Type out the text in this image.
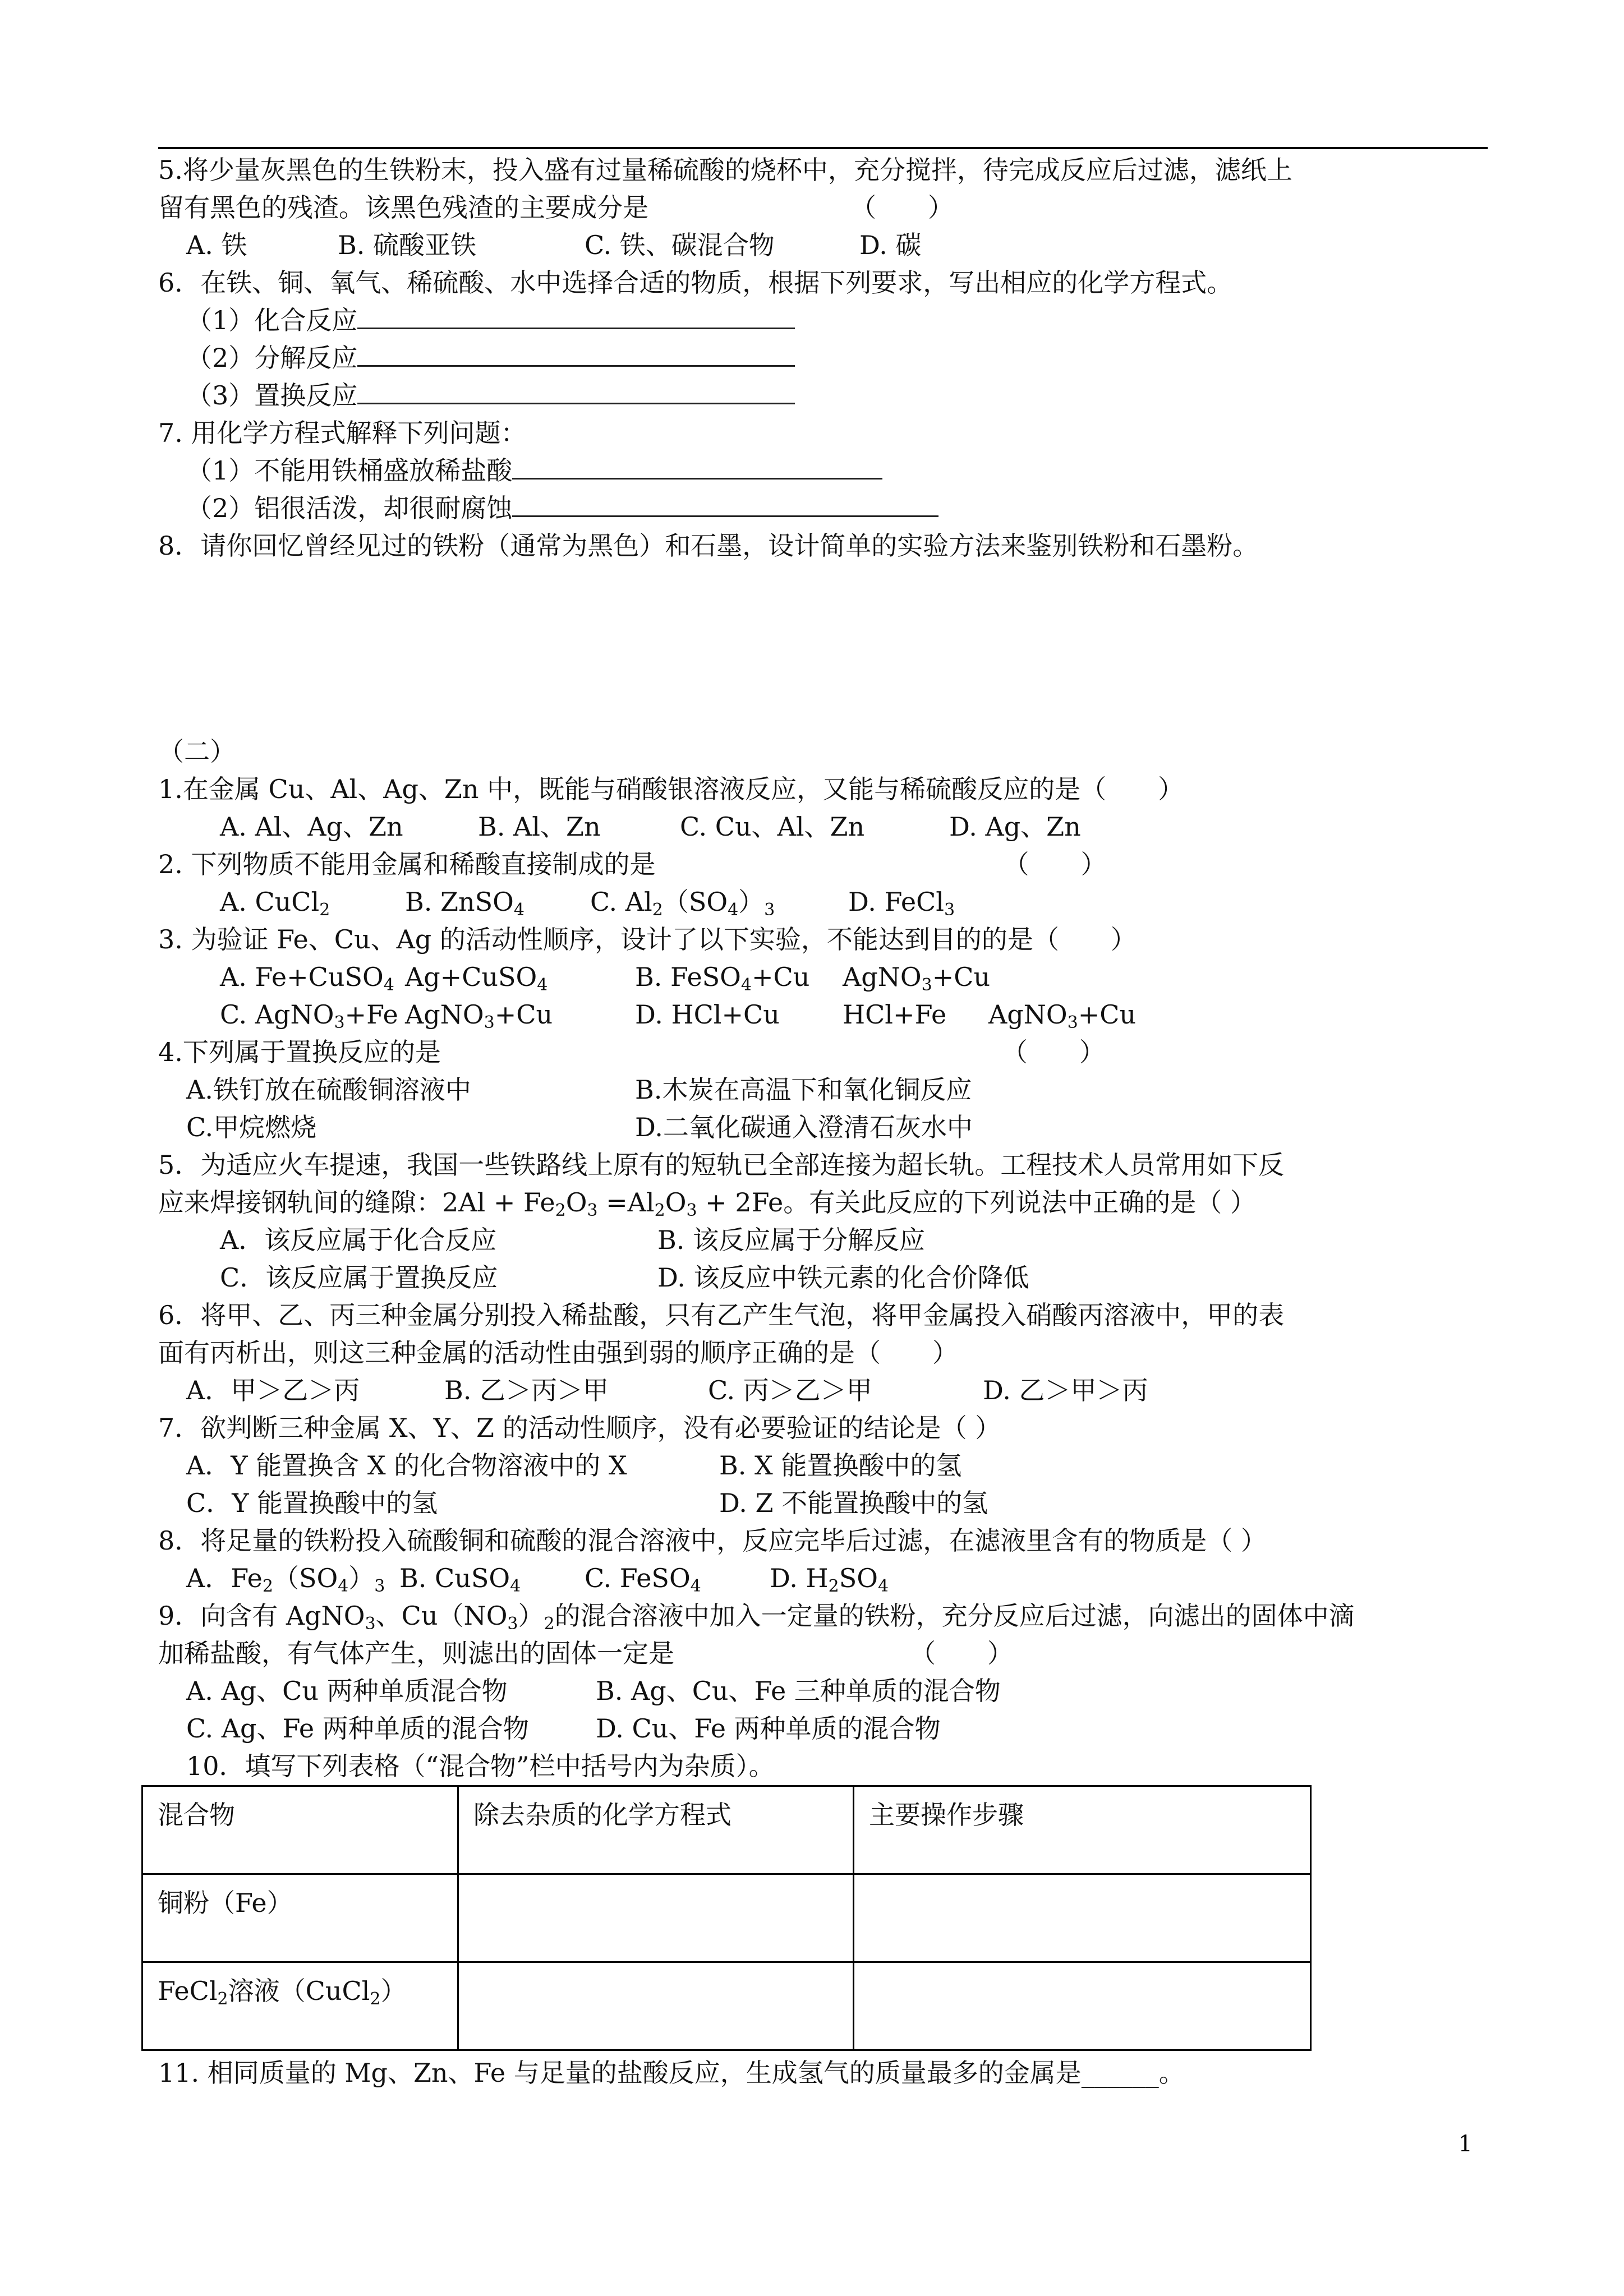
5.将少量灰黑色的生铁粉末，投入盛有过量稀硫酸的烧杯中，充分搅拌，待完成反应后过滤，滤纸上
留有黑色的残渣。该黑色残渣的主要成分是	（　　）
A. 铁	B. 硫酸亚铁	C. 铁、碳混合物	D. 碳
6．在铁、铜、氧气、稀硫酸、水中选择合适的物质，根据下列要求，写出相应的化学方程式。
（1）化合反应
（2）分解反应
（3）置换反应
7. 用化学方程式解释下列问题：
（1）不能用铁桶盛放稀盐酸
（2）铝很活泼，却很耐腐蚀
8．请你回忆曾经见过的铁粉（通常为黑色）和石墨，设计简单的实验方法来鉴别铁粉和石墨粉。
（二）
1.在金属 Cu、Al、Ag、Zn 中，既能与硝酸银溶液反应，又能与稀硫酸反应的是（　　）
A. Al、Ag、Zn	B. Al、Zn	C. Cu、Al、Zn	D. Ag、Zn
2. 下列物质不能用金属和稀酸直接制成的是	（　　）
A. CuCl$_2$	B. ZnSO$_4$	C. $Al_2(SO_4)_3$	D. FeCl$_3$
3. 为验证 Fe、Cu、Ag 的活动性顺序，设计了以下实验，不能达到目的的是（　　）
A. Fe+CuSO$_4$ Ag+CuSO$_4$	B. FeSO$_4$+Cu	AgNO$_3$+Cu
C. AgNO$_3$+Fe AgNO$_3$+Cu	D. HCl+Cu	HCl+Fe	AgNO$_3$+Cu
4.下列属于置换反应的是	（　　）
A.铁钉放在硫酸铜溶液中	B.木炭在高温下和氧化铜反应
C.甲烷燃烧	D.二氧化碳通入澄清石灰水中
5．为适应火车提速，我国一些铁路线上原有的短轨已全部连接为超长轨。工程技术人员常用如下反
应来焊接钢轨间的缝隙：$2Al + Fe_2O_3 =Al_2O_3 + 2Fe$。有关此反应的下列说法中正确的是（ ）
A．该反应属于化合反应	B. 该反应属于分解反应
C．该反应属于置换反应	D. 该反应中铁元素的化合价降低
6．将甲、乙、丙三种金属分别投入稀盐酸，只有乙产生气泡，将甲金属投入硝酸丙溶液中，甲的表
面有丙析出，则这三种金属的活动性由强到弱的顺序正确的是（　　）
A．甲＞乙＞丙	B. 乙＞丙＞甲	C. 丙＞乙＞甲	D. 乙＞甲＞丙
7．欲判断三种金属 X、Y、Z 的活动性顺序，没有必要验证的结论是（ ）
A．Y 能置换含 X 的化合物溶液中的 X	B. X 能置换酸中的氢
C．Y 能置换酸中的氢	D. Z 不能置换酸中的氢
8．将足量的铁粉投入硫酸铜和硫酸的混合溶液中，反应完毕后过滤，在滤液里含有的物质是（ ）
A．$Fe_2(SO_4)_3$ B. CuSO$_4$	C. FeSO$_4$	D. $H_2SO_4$
9．向含有 AgNO$_3$、$Cu(NO_3)_2$的混合溶液中加入一定量的铁粉，充分反应后过滤，向滤出的固体中滴
加稀盐酸，有气体产生，则滤出的固体一定是	（　　）
A. Ag、Cu 两种单质混合物	B. Ag、Cu、Fe 三种单质的混合物
C. Ag、Fe 两种单质的混合物	D. Cu、Fe 两种单质的混合物
10．填写下列表格（“混合物”栏中括号内为杂质）。
混合物	除去杂质的化学方程式	主要操作步骤
铜粉（Fe）		
FeCl$_2$溶液（CuCl$_2$）		
11. 相同质量的 Mg、Zn、Fe 与足量的盐酸反应，生成氢气的质量最多的金属是______。
1
